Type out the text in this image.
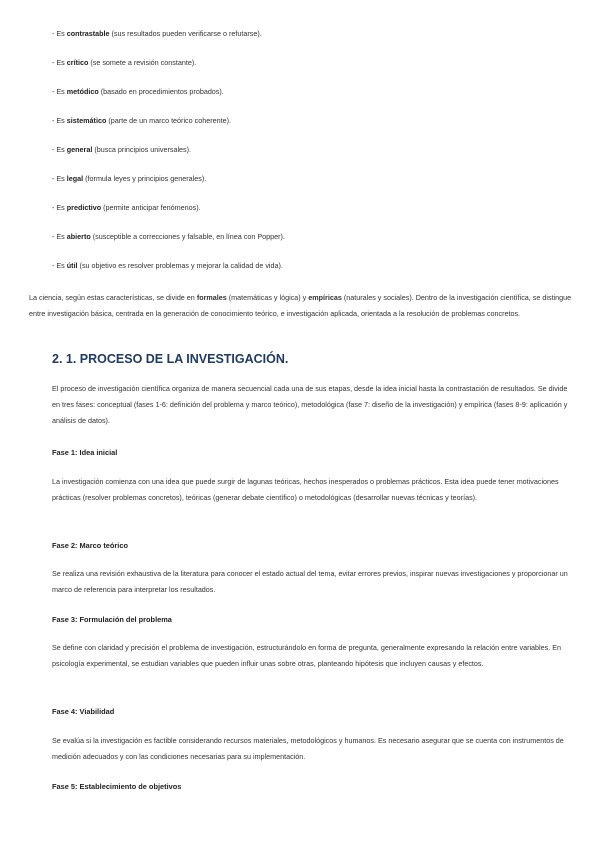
- Es contrastable (sus resultados pueden verificarse o refutarse).
- Es crítico (se somete a revisión constante).
- Es metódico (basado en procedimientos probados).
- Es sistemático (parte de un marco teórico coherente).
- Es general (busca principios universales).
- Es legal (formula leyes y principios generales).
- Es predictivo (permite anticipar fenómenos).
- Es abierto (susceptible a correcciones y falsable, en línea con Popper).
- Es útil (su objetivo es resolver problemas y mejorar la calidad de vida).
La ciencia, según estas características, se divide en formales (matemáticas y lógica) y empíricas (naturales y sociales). Dentro de la investigación científica, se distingue entre investigación básica, centrada en la generación de conocimiento teórico, e investigación aplicada, orientada a la resolución de problemas concretos.
2. 1. PROCESO DE LA INVESTIGACIÓN.
El proceso de investigación científica organiza de manera secuencial cada una de sus etapas, desde la idea inicial hasta la contrastación de resultados. Se divide en tres fases: conceptual (fases 1-6: definición del problema y marco teórico), metodológica (fase 7: diseño de la investigación) y empírica (fases 8-9: aplicación y análisis de datos).
Fase 1: Idea inicial
La investigación comienza con una idea que puede surgir de lagunas teóricas, hechos inesperados o problemas prácticos. Esta idea puede tener motivaciones prácticas (resolver problemas concretos), teóricas (generar debate científico) o metodológicas (desarrollar nuevas técnicas y teorías).
Fase 2: Marco teórico
Se realiza una revisión exhaustiva de la literatura para conocer el estado actual del tema, evitar errores previos, inspirar nuevas investigaciones y proporcionar un marco de referencia para interpretar los resultados.
Fase 3: Formulación del problema
Se define con claridad y precisión el problema de investigación, estructurándolo en forma de pregunta, generalmente expresando la relación entre variables. En psicología experimental, se estudian variables que pueden influir unas sobre otras, planteando hipótesis que incluyen causas y efectos.
Fase 4: Viabilidad
Se evalúa si la investigación es factible considerando recursos materiales, metodológicos y humanos. Es necesario asegurar que se cuenta con instrumentos de medición adecuados y con las condiciones necesarias para su implementación.
Fase 5: Establecimiento de objetivos
